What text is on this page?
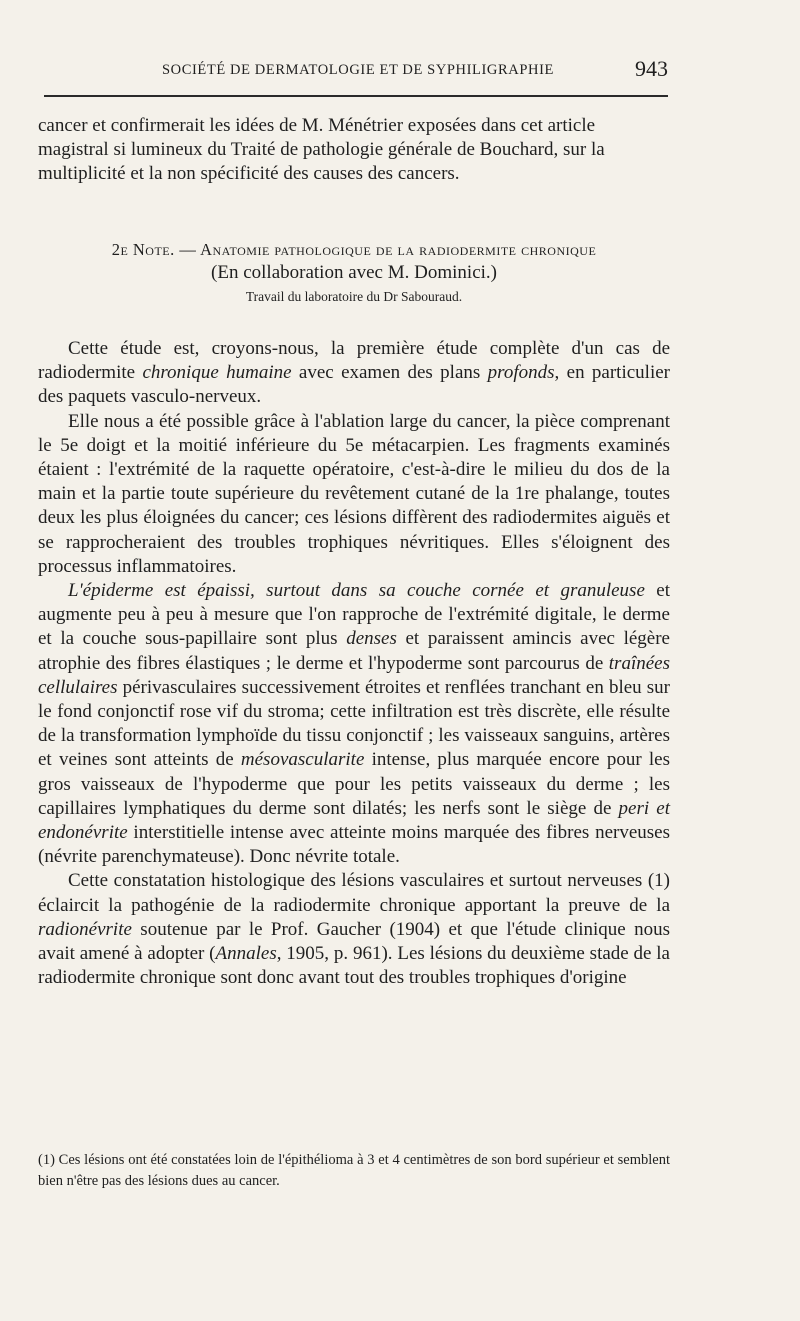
SOCIÉTÉ DE DERMATOLOGIE ET DE SYPHILIGRAPHIE	943

cancer et confirmerait les idées de M. Ménétrier exposées dans cet article magistral si lumineux du Traité de pathologie générale de Bouchard, sur la multiplicité et la non spécificité des causes des cancers.

2e Note. — Anatomie pathologique de la radiodermite chronique
(En collaboration avec M. Dominici.)
Travail du laboratoire du Dr Sabouraud.

Cette étude est, croyons-nous, la première étude complète d'un cas de radiodermite chronique humaine avec examen des plans profonds, en particulier des paquets vasculo-nerveux.

Elle nous a été possible grâce à l'ablation large du cancer, la pièce comprenant le 5e doigt et la moitié inférieure du 5e métacarpien. Les fragments examinés étaient : l'extrémité de la raquette opératoire, c'est-à-dire le milieu du dos de la main et la partie toute supérieure du revêtement cutané de la 1re phalange, toutes deux les plus éloignées du cancer; ces lésions diffèrent des radiodermites aiguës et se rapprocheraient des troubles trophiques névritiques. Elles s'éloignent des processus inflammatoires.

L'épiderme est épaissi, surtout dans sa couche cornée et granuleuse et augmente peu à peu à mesure que l'on rapproche de l'extrémité digitale, le derme et la couche sous-papillaire sont plus denses et paraissent amincis avec légère atrophie des fibres élastiques ; le derme et l'hypoderme sont parcourus de traînées cellulaires périvasculaires successivement étroites et renflées tranchant en bleu sur le fond conjonctif rose vif du stroma; cette infiltration est très discrète, elle résulte de la transformation lymphoïde du tissu conjonctif ; les vaisseaux sanguins, artères et veines sont atteints de mésovascularite intense, plus marquée encore pour les gros vaisseaux de l'hypoderme que pour les petits vaisseaux du derme ; les capillaires lymphatiques du derme sont dilatés; les nerfs sont le siège de peri et endonévrite interstitielle intense avec atteinte moins marquée des fibres nerveuses (névrite parenchymateuse). Donc névrite totale.

Cette constatation histologique des lésions vasculaires et surtout nerveuses (1) éclaircit la pathogénie de la radiodermite chronique apportant la preuve de la radionévrite soutenue par le Prof. Gaucher (1904) et que l'étude clinique nous avait amené à adopter (Annales, 1905, p. 961). Les lésions du deuxième stade de la radiodermite chronique sont donc avant tout des troubles trophiques d'origine

(1) Ces lésions ont été constatées loin de l'épithélioma à 3 et 4 centimètres de son bord supérieur et semblent bien n'être pas des lésions dues au cancer.
